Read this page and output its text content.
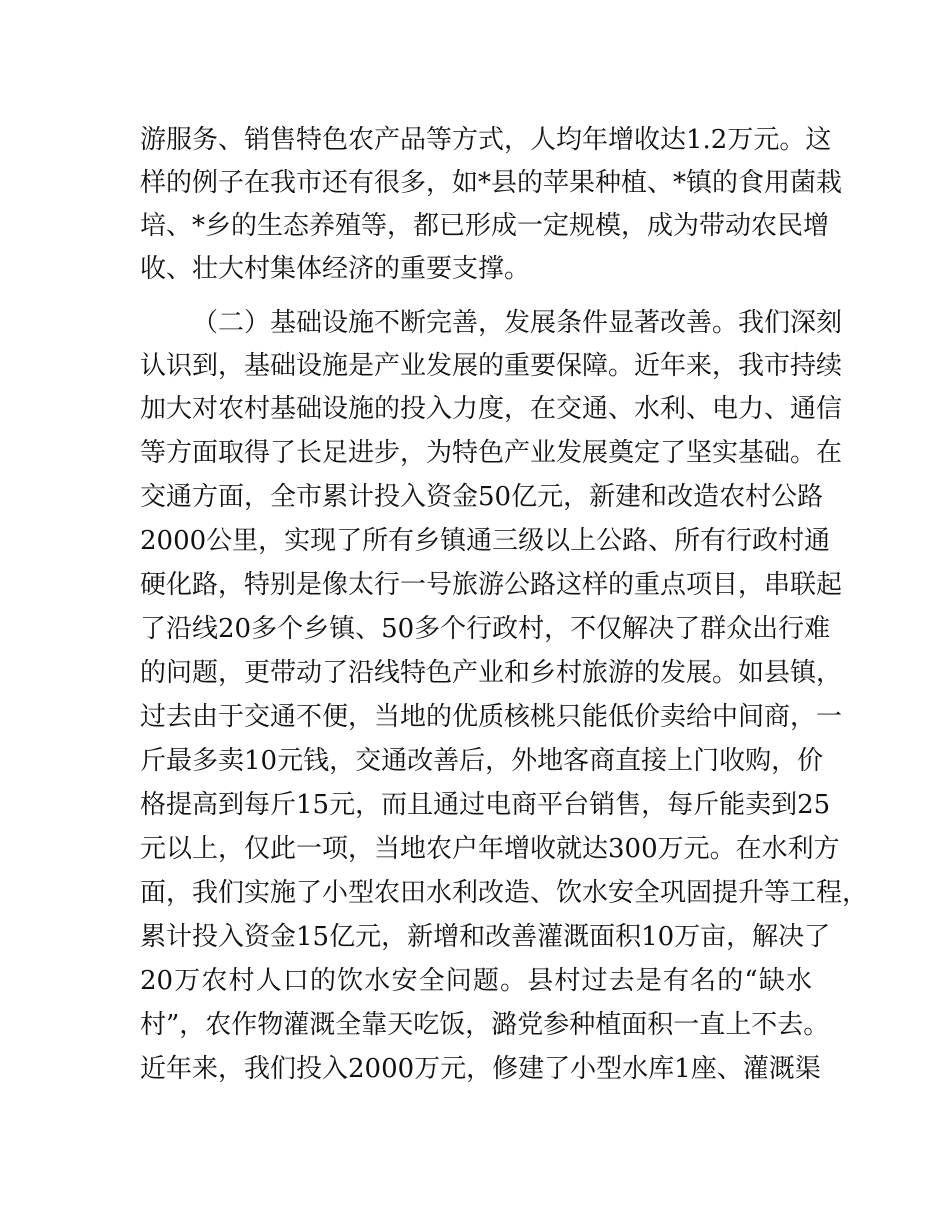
游服务、销售特色农产品等方式，人均年增收达1.2万元。这
样的例子在我市还有很多，如*县的苹果种植、*镇的食用菌栽
培、*乡的生态养殖等，都已形成一定规模，成为带动农民增
收、壮大村集体经济的重要支撑。
（二）基础设施不断完善，发展条件显著改善。我们深刻
认识到，基础设施是产业发展的重要保障。近年来，我市持续
加大对农村基础设施的投入力度，在交通、水利、电力、通信
等方面取得了长足进步，为特色产业发展奠定了坚实基础。在
交通方面，全市累计投入资金50亿元，新建和改造农村公路
2000公里，实现了所有乡镇通三级以上公路、所有行政村通
硬化路，特别是像太行一号旅游公路这样的重点项目，串联起
了沿线20多个乡镇、50多个行政村，不仅解决了群众出行难
的问题，更带动了沿线特色产业和乡村旅游的发展。如县镇，
过去由于交通不便，当地的优质核桃只能低价卖给中间商，一
斤最多卖10元钱，交通改善后，外地客商直接上门收购，价
格提高到每斤15元，而且通过电商平台销售，每斤能卖到25
元以上，仅此一项，当地农户年增收就达300万元。在水利方
面，我们实施了小型农田水利改造、饮水安全巩固提升等工程，
累计投入资金15亿元，新增和改善灌溉面积10万亩，解决了
20万农村人口的饮水安全问题。县村过去是有名的“缺水
村”，农作物灌溉全靠天吃饭，潞党参种植面积一直上不去。
近年来，我们投入2000万元，修建了小型水库1座、灌溉渠
